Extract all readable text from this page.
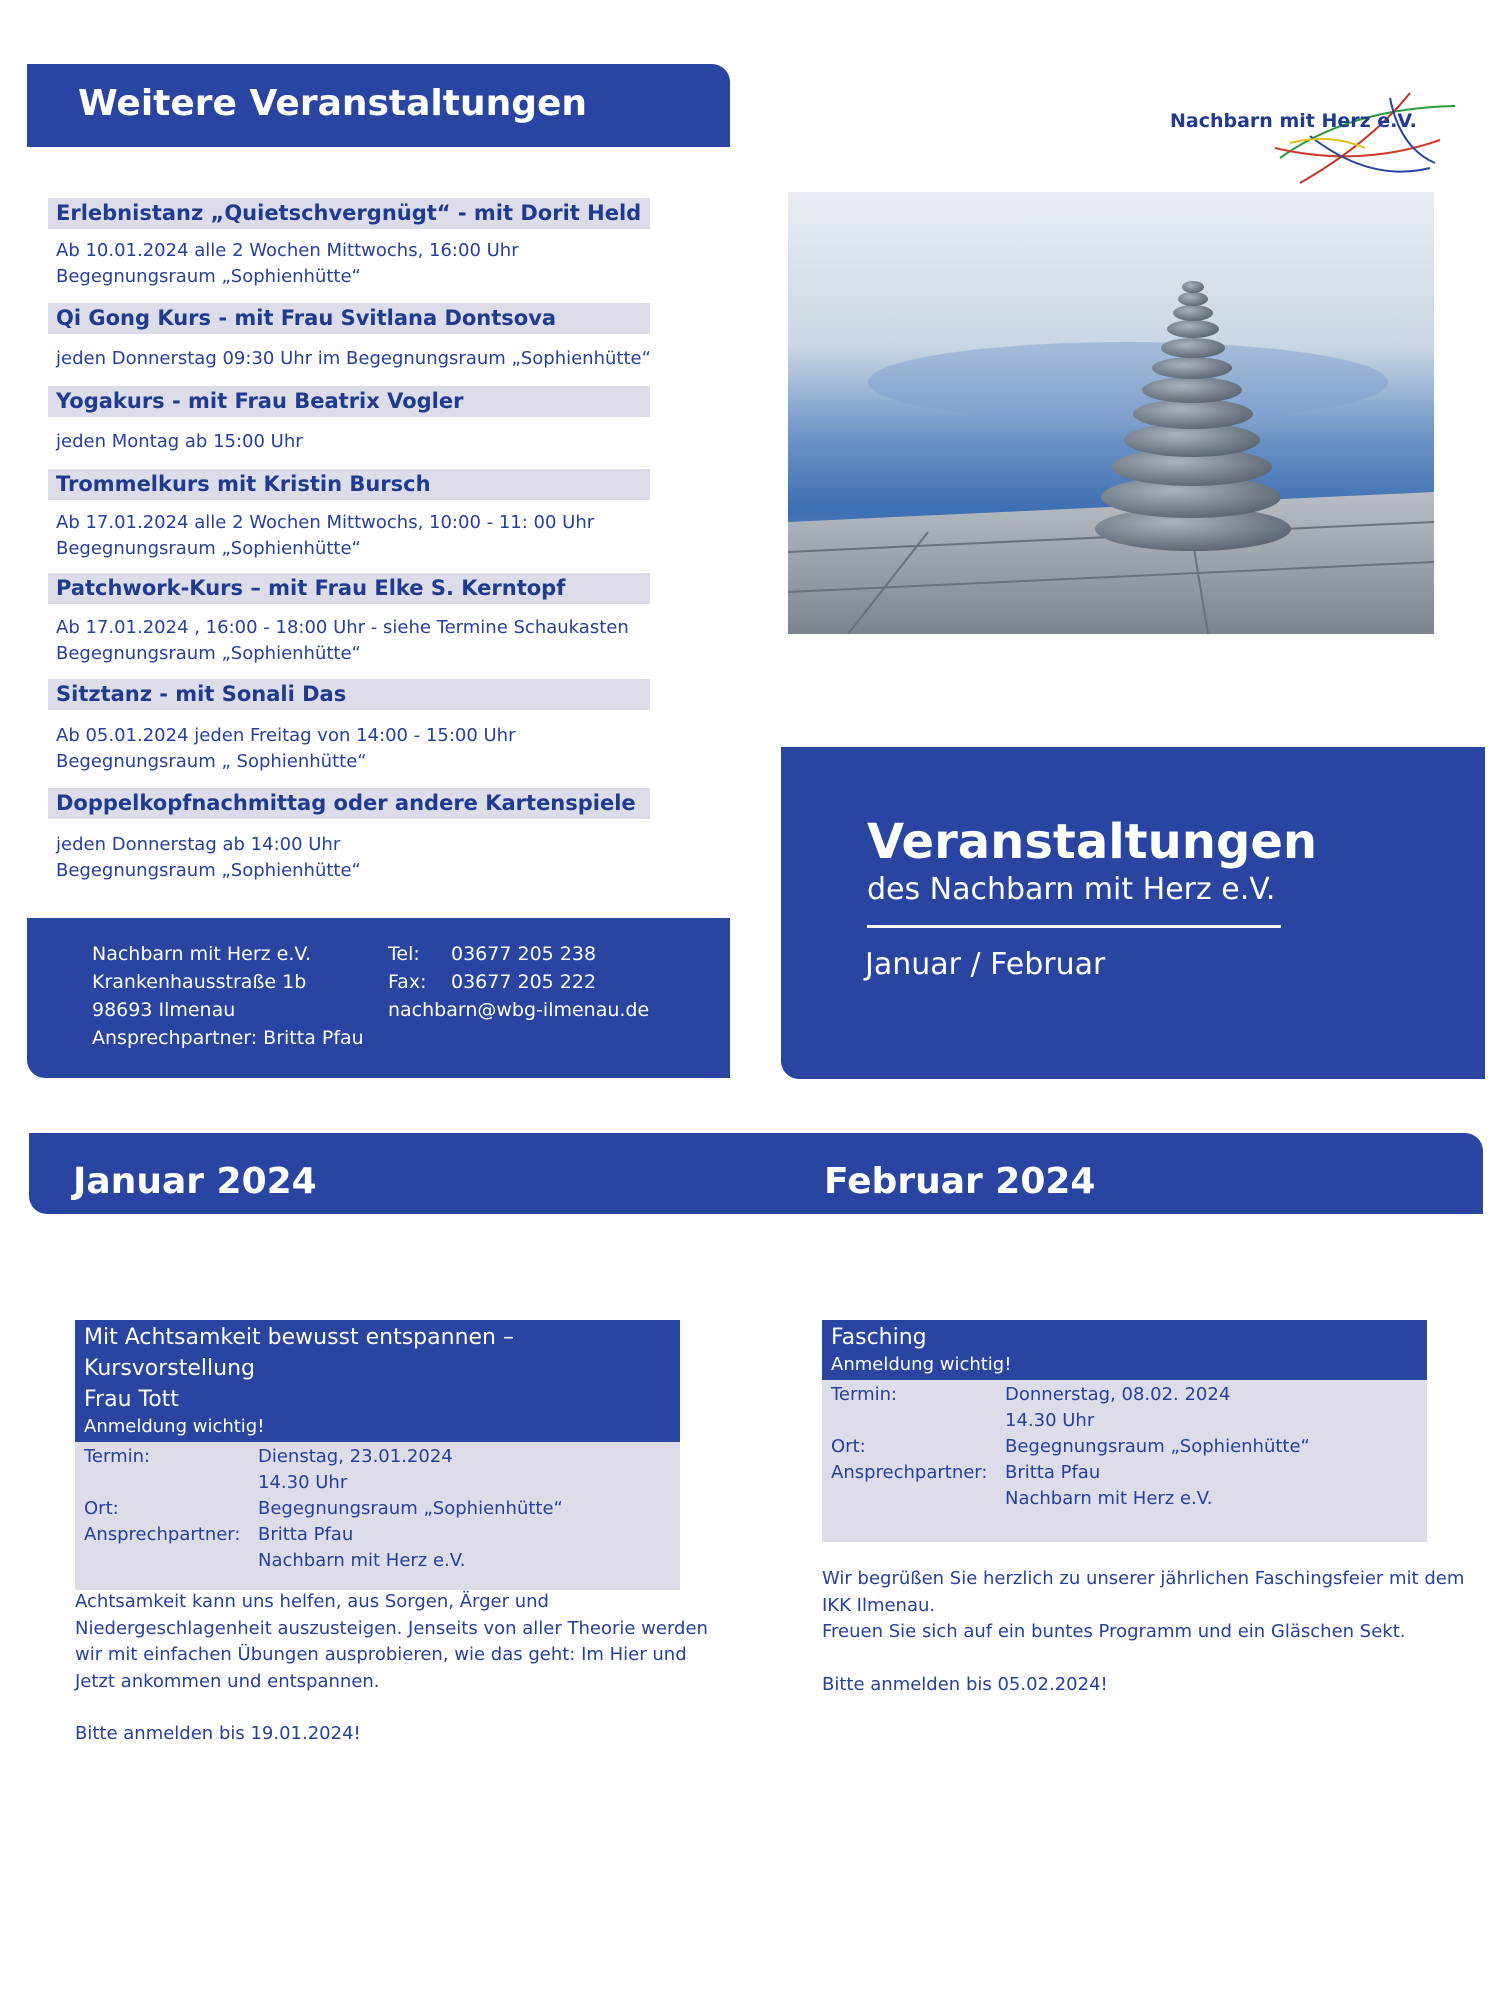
Weitere Veranstaltungen
Erlebnistanz „Quietschvergnügt“ - mit Dorit Held
Ab 10.01.2024 alle 2 Wochen Mittwochs, 16:00 Uhr
Begegnungsraum „Sophienhütte“
Qi Gong Kurs - mit Frau Svitlana Dontsova
jeden Donnerstag 09:30 Uhr im Begegnungsraum „Sophienhütte“
Yogakurs - mit Frau Beatrix Vogler
jeden Montag ab 15:00 Uhr
Trommelkurs mit Kristin Bursch
Ab 17.01.2024 alle 2 Wochen Mittwochs, 10:00 - 11: 00 Uhr
Begegnungsraum „Sophienhütte“
Patchwork-Kurs – mit Frau Elke S. Kerntopf
Ab 17.01.2024 , 16:00 - 18:00 Uhr - siehe Termine Schaukasten
Begegnungsraum „Sophienhütte“
Sitztanz - mit Sonali Das
Ab 05.01.2024 jeden Freitag von 14:00 - 15:00 Uhr
Begegnungsraum „ Sophienhütte“
Doppelkopfnachmittag oder andere Kartenspiele
jeden Donnerstag ab 14:00 Uhr
Begegnungsraum „Sophienhütte“
Nachbarn mit Herz e.V.
Krankenhausstraße 1b
98693 Ilmenau
Ansprechpartner: Britta Pfau
Tel: 03677 205 238
Fax: 03677 205 222
nachbarn@wbg-ilmenau.de
Nachbarn mit Herz e.V.
Veranstaltungen
des Nachbarn mit Herz e.V.
Januar / Februar
Januar 2024	Februar 2024
Mit Achtsamkeit bewusst entspannen – Kursvorstellung
Frau Tott
Anmeldung wichtig!
Termin:	Dienstag, 23.01.2024
14.30 Uhr
Ort:	Begegnungsraum „Sophienhütte“
Ansprechpartner: Britta Pfau
Nachbarn mit Herz e.V.
Achtsamkeit kann uns helfen, aus Sorgen, Ärger und
Niedergeschlagenheit auszusteigen. Jenseits von aller Theorie werden
wir mit einfachen Übungen ausprobieren, wie das geht: Im Hier und
Jetzt ankommen und entspannen.
Bitte anmelden bis 19.01.2024!
Fasching
Anmeldung wichtig!
Termin:	Donnerstag, 08.02. 2024
14.30 Uhr
Ort:	Begegnungsraum „Sophienhütte“
Ansprechpartner: Britta Pfau
Nachbarn mit Herz e.V.
Wir begrüßen Sie herzlich zu unserer jährlichen Faschingsfeier mit dem
IKK Ilmenau.
Freuen Sie sich auf ein buntes Programm und ein Gläschen Sekt.
Bitte anmelden bis 05.02.2024!
